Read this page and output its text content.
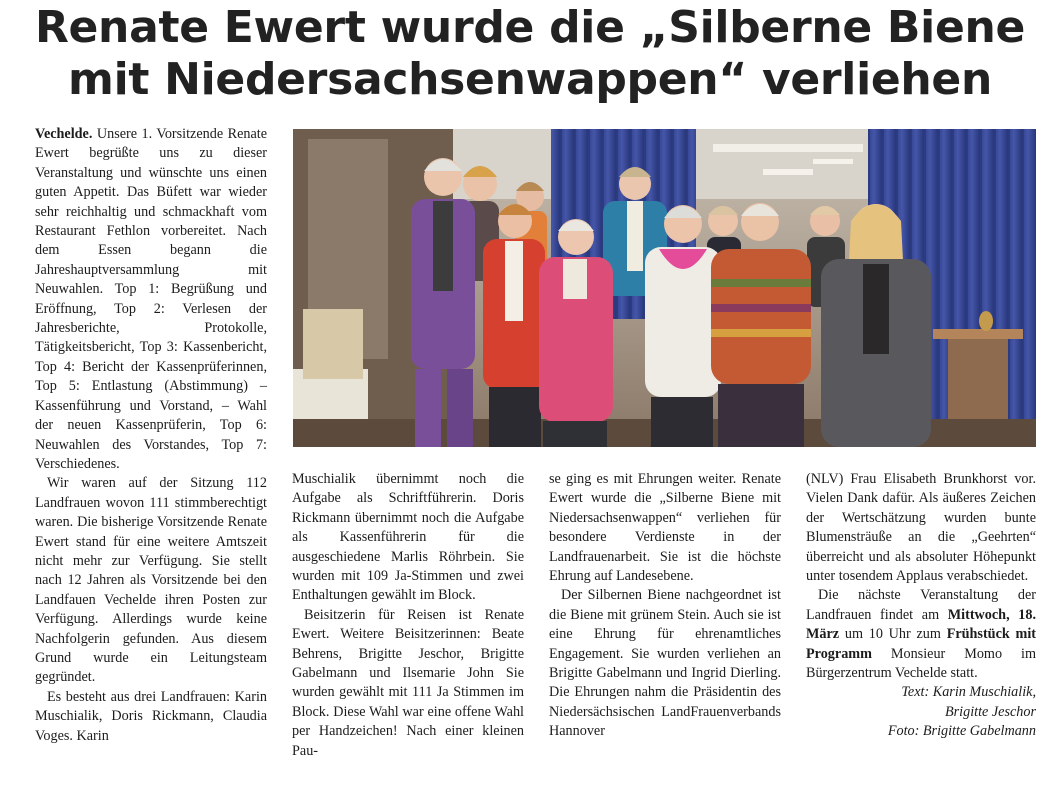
Renate Ewert wurde die „Silberne Biene
mit Niedersachsenwappen“ verliehen

Vechelde. Unsere 1. Vorsitzende Renate Ewert begrüßte uns zu dieser Veranstaltung und wünschte uns einen guten Appetit. Das Büfett war wieder sehr reichhaltig und schmackhaft vom Restaurant Fethlon vorbereitet. Nach dem Essen begann die Jahreshauptversammlung mit Neuwahlen. Top 1: Begrüßung und Eröffnung, Top 2: Verlesen der Jahresberichte, Protokolle, Tätigkeitsbericht, Top 3: Kassenbericht, Top 4: Bericht der Kassenprüferinnen, Top 5: Entlastung (Abstimmung) – Kassenführung und Vorstand, – Wahl der neuen Kassenprüferin, Top 6: Neuwahlen des Vorstandes, Top 7: Verschiedenes.

Wir waren auf der Sitzung 112 Landfrauen wovon 111 stimmberechtigt waren. Die bisherige Vorsitzende Renate Ewert stand für eine weitere Amtszeit nicht mehr zur Verfügung. Sie stellt nach 12 Jahren als Vorsitzende bei den Landfauen Vechelde ihren Posten zur Verfügung. Allerdings wurde keine Nachfolgerin gefunden. Aus diesem Grund wurde ein Leitungsteam gegründet.

Es besteht aus drei Landfrauen: Karin Muschialik, Doris Rickmann, Claudia Voges. Karin

Muschialik übernimmt noch die Aufgabe als Schriftführerin. Doris Rickmann übernimmt noch die Aufgabe als Kassenführerin für die ausgeschiedene Marlis Röhrbein. Sie wurden mit 109 Ja-Stimmen und zwei Enthaltungen gewählt im Block.

Beisitzerin für Reisen ist Renate Ewert. Weitere Beisitzerinnen: Beate Behrens, Brigitte Jeschor, Brigitte Gabelmann und Ilsemarie John Sie wurden gewählt mit 111 Ja Stimmen im Block. Diese Wahl war eine offene Wahl per Handzeichen! Nach einer kleinen Pau-

se ging es mit Ehrungen weiter. Renate Ewert wurde die „Silberne Biene mit Niedersachsenwappen“ verliehen für besondere Verdienste in der Landfrauenarbeit. Sie ist die höchste Ehrung auf Landesebene.

Der Silbernen Biene nachgeordnet ist die Biene mit grünem Stein. Auch sie ist eine Ehrung für ehrenamtliches Engagement. Sie wurden verliehen an Brigitte Gabelmann und Ingrid Dierling. Die Ehrungen nahm die Präsidentin des Niedersächsischen LandFrauenverbands Hannover

(NLV) Frau Elisabeth Brunkhorst vor. Vielen Dank dafür. Als äußeres Zeichen der Wertschätzung wurden bunte Blumensträuße an die „Geehrten“ überreicht und als absoluter Höhepunkt unter tosendem Applaus verabschiedet.

Die nächste Veranstaltung der Landfrauen findet am Mittwoch, 18. März um 10 Uhr zum Frühstück mit Programm Monsieur Momo im Bürgerzentrum Vechelde statt.

Text: Karin Muschialik,

Brigitte Jeschor

Foto: Brigitte Gabelmann
